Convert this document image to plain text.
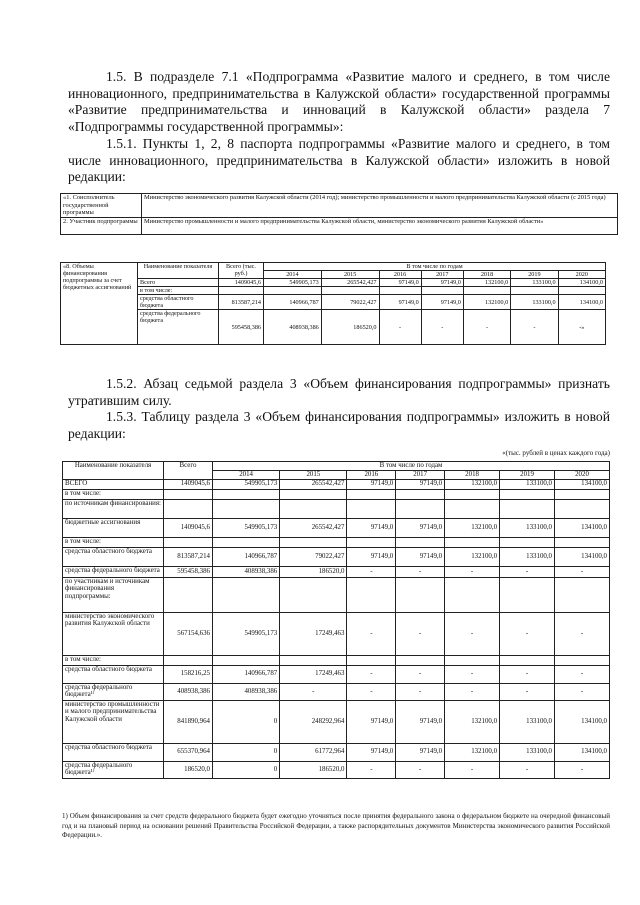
1.5. В подразделе 7.1 «Подпрограмма «Развитие малого и среднего, в том числе инновационного, предпринимательства в Калужской области» государственной программы «Развитие предпринимательства и инноваций в Калужской области» раздела 7 «Подпрограммы государственной программы»:
1.5.1. Пункты 1, 2, 8 паспорта подпрограммы «Развитие малого и среднего, в том числе инновационного, предпринимательства в Калужской области» изложить в новой редакции:
«1. Соисполнитель государственной программы	Министерство экономического развития Калужской области (2014 год); министерство промышленности и малого предпринимательства Калужской области (с 2015 года)
2. Участник подпрограммы	Министерство промышленности и малого предпринимательства Калужской области, министерство экономического развития Калужской области»
«8. Объемы финансирования подпрограммы за счет бюджетных ассигнований	Наименование показателя	Всего (тыс. руб.)	В том числе по годам						
			2014	2015	2016	2017	2018	2019	2020
	Всего	1409045,6	549905,173	265542,427	97149,0	97149,0	132100,0	133100,0	134100,0
	в том числе:								
	средства областного бюджета	813587,214	140966,787	79022,427	97149,0	97149,0	132100,0	133100,0	134100,0
	средства федерального бюджета	595458,386	408938,386	186520,0	-	-	-	-	-»
1.5.2. Абзац седьмой раздела 3 «Объем финансирования подпрограммы» признать утратившим силу.
1.5.3. Таблицу раздела 3 «Объем финансирования подпрограммы» изложить в новой редакции:
«(тыс. рублей в ценах каждого года)
Наименование показателя	Всего	В том числе по годам						
		2014	2015	2016	2017	2018	2019	2020
ВСЕГО	1409045,6	549905,173	265542,427	97149,0	97149,0	132100,0	133100,0	134100,0
в том числе:								
по источникам финансирования:								
бюджетные ассигнования	1409045,6	549905,173	265542,427	97149,0	97149,0	132100,0	133100,0	134100,0
в том числе:								
средства областного бюджета	813587,214	140966,787	79022,427	97149,0	97149,0	132100,0	133100,0	134100,0
средства федерального бюджета	595458,386	408938,386	186520,0	-	-	-	-	-
по участникам и источникам финансирования подпрограммы:								
министерство экономического развития Калужской области	567154,636	549905,173	17249,463	-	-	-	-	-
в том числе:								
средства областного бюджета	158216,25	140966,787	17249,463	-	-	-	-	-
средства федерального бюджета¹⁾	408938,386	408938,386	-	-	-	-	-	-
министерство промышленности и малого предпринимательства Калужской области	841890,964	0	248292,964	97149,0	97149,0	132100,0	133100,0	134100,0
средства областного бюджета	655370,964	0	61772,964	97149,0	97149,0	132100,0	133100,0	134100,0
средства федерального бюджета¹⁾	186520,0	0	186520,0	-	-	-	-	-
1) Объем финансирования за счет средств федерального бюджета будет ежегодно уточняться после принятия федерального закона о федеральном бюджете на очередной финансовый год и на плановый период на основании решений Правительства Российской Федерации, а также распорядительных документов Министерства экономического развития Российской Федерации.».
